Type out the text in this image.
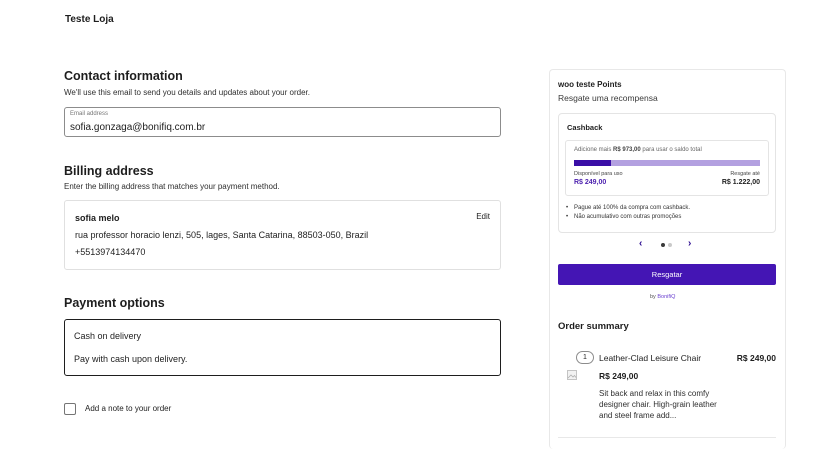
Teste Loja
Contact information
We'll use this email to send you details and updates about your order.
Email address
sofia.gonzaga@bonifiq.com.br
Billing address
Enter the billing address that matches your payment method.
sofia melo	Edit
rua professor horacio lenzi, 505, lages, Santa Catarina, 88503-050, Brazil
+5513974134470
Payment options
Cash on delivery
Pay with cash upon delivery.
Add a note to your order
woo teste Points
Resgate uma recompensa
Cashback
Adicione mais R$ 973,00 para usar o saldo total
Disponível para uso
R$ 249,00
Resgate até
R$ 1.222,00
• Pague até 100% da compra com cashback.
• Não acumulativo com outras promoções
‹	›
Resgatar
by BonifiQ
Order summary
1	Leather-Clad Leisure Chair	R$ 249,00
R$ 249,00
Sit back and relax in this comfy designer chair. High-grain leather and steel frame add...
